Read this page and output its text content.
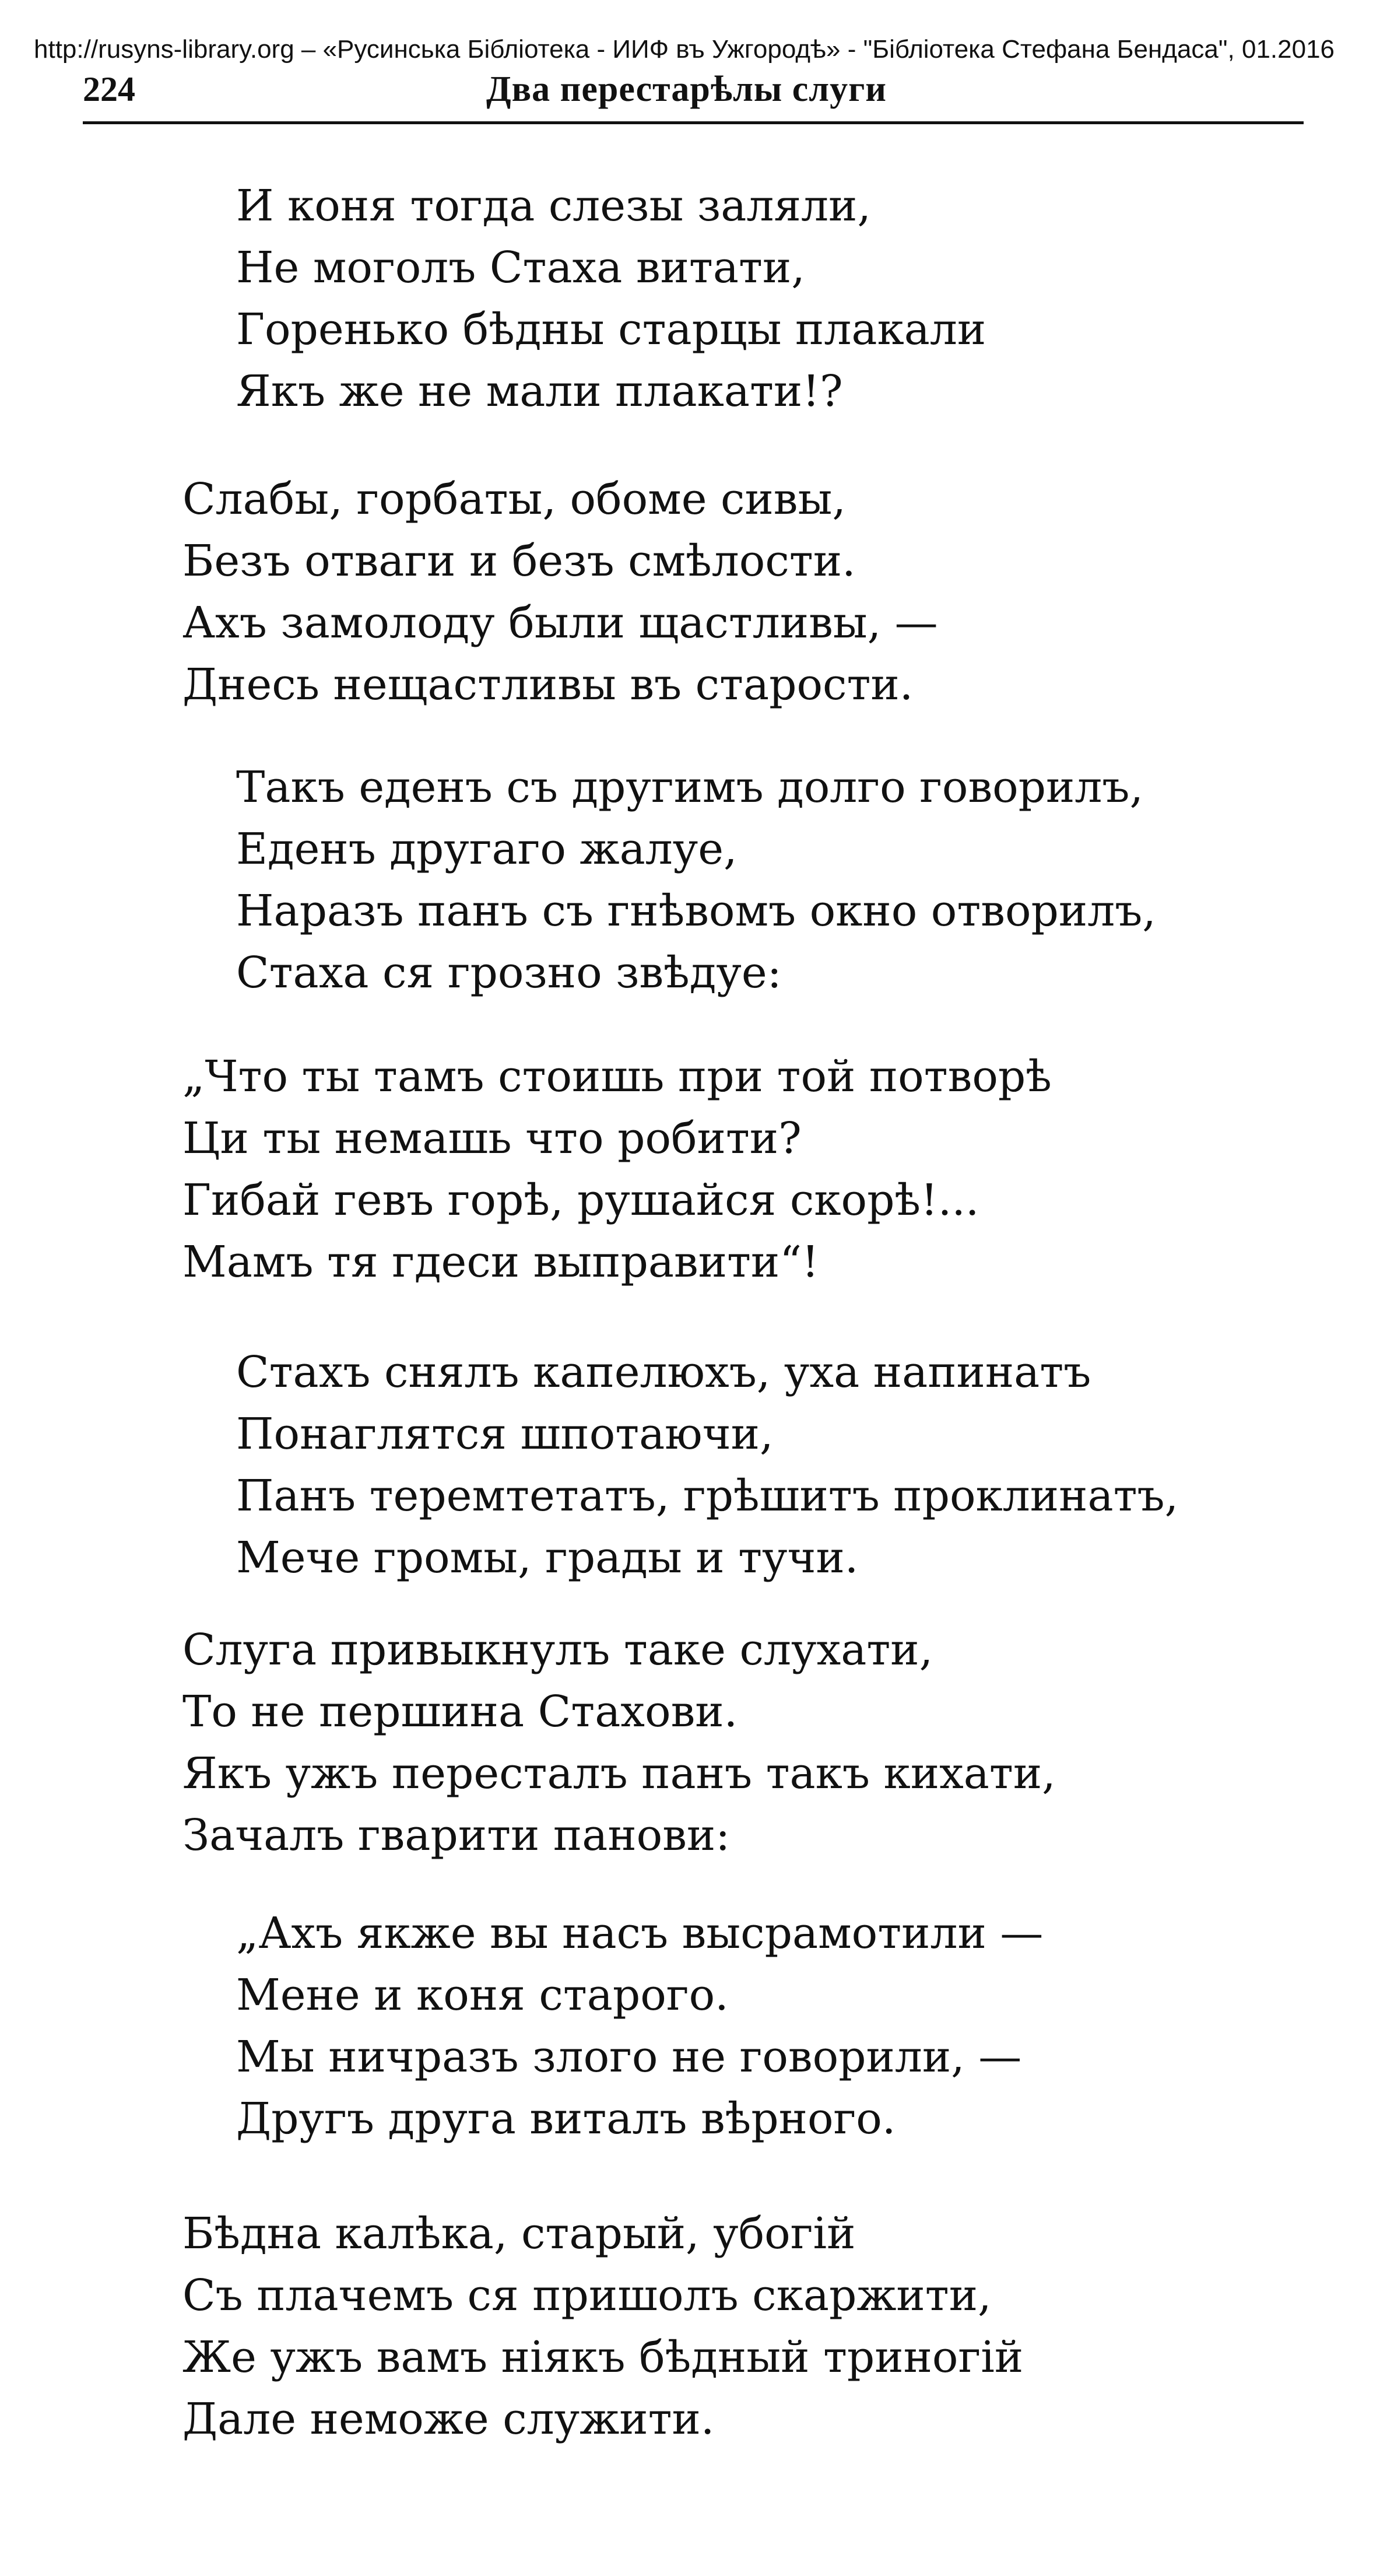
http://rusyns-library.org – «Русинська Бібліотека - ИИФ въ Ужгородѣ» - "Бібліотека Стефана Бендаса", 01.2016
224	Два перестарѣлы слуги
И коня тогда слезы заляли,
Не моголъ Стаха витати,
Горенько бѣдны старцы плакали
Якъ же не мали плакати!?
Слабы, горбаты, обоме сивы,
Безъ отваги и безъ смѣлости.
Ахъ замолоду были щастливы, —
Днесь нещастливы въ старости.
Такъ еденъ съ другимъ долго говорилъ,
Еденъ другаго жалуе,
Наразъ панъ съ гнѣвомъ окно отворилъ,
Стаха ся грозно звѣдуе:
„Что ты тамъ стоишь при той потворѣ
Ци ты немашь что робити?
Гибай гевъ горѣ, рушайся скорѣ!...
Мамъ тя гдеси выправити“!
Стахъ снялъ капелюхъ, уха напинатъ
Понаглятся шпотаючи,
Панъ теремтетатъ, грѣшитъ проклинатъ,
Мече громы, грады и тучи.
Слуга привыкнулъ таке слухати,
То не першина Стахови.
Якъ ужъ пересталъ панъ такъ кихати,
Зачалъ гварити панови:
„Ахъ якже вы насъ высрамотили —
Мене и коня старого.
Мы ничразъ злого не говорили, —
Другъ друга виталъ вѣрного.
Бѣдна калѣка, старый, убогій
Съ плачемъ ся пришолъ скаржити,
Же ужъ вамъ ніякъ бѣдный триногій
Дале неможе служити.
